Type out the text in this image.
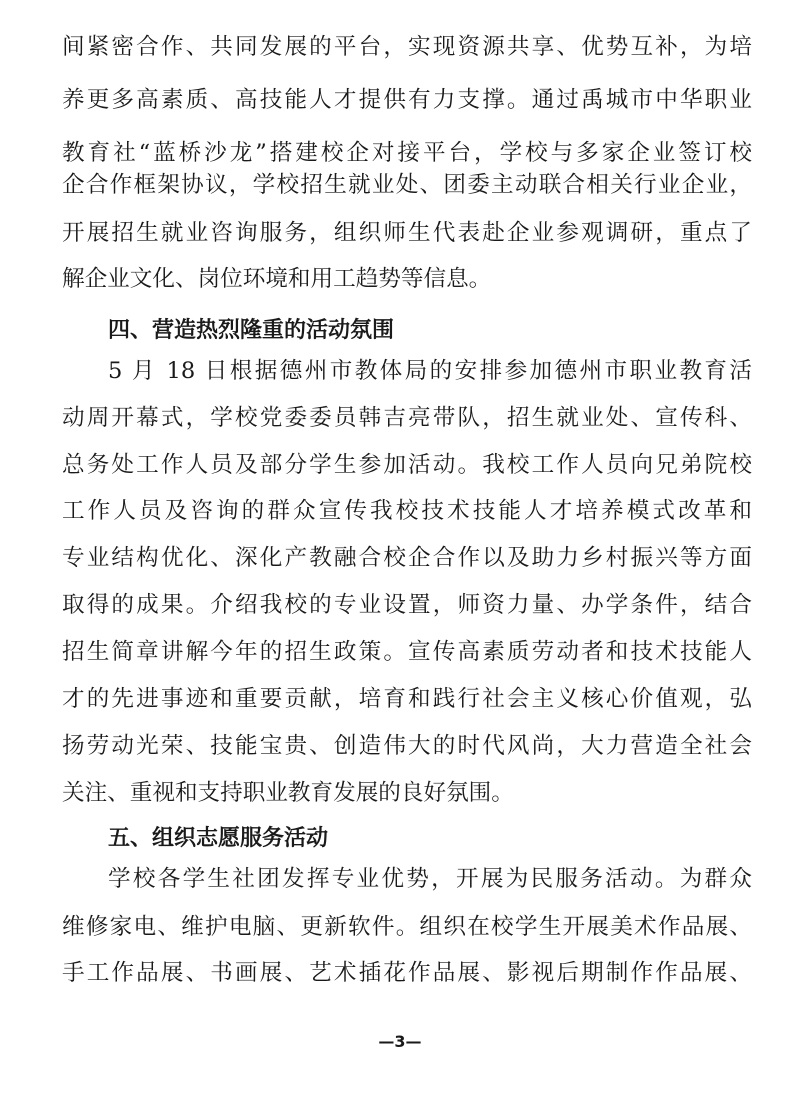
间紧密合作、共同发展的平台，实现资源共享、优势互补，为培
养更多高素质、高技能人才提供有力支撑。通过禹城市中华职业
教育社“蓝桥沙龙”搭建校企对接平台，学校与多家企业签订校
企合作框架协议，学校招生就业处、团委主动联合相关行业企业，
开展招生就业咨询服务，组织师生代表赴企业参观调研，重点了
解企业文化、岗位环境和用工趋势等信息。
四、营造热烈隆重的活动氛围
5 月 18 日根据德州市教体局的安排参加德州市职业教育活
动周开幕式，学校党委委员韩吉亮带队，招生就业处、宣传科、
总务处工作人员及部分学生参加活动。我校工作人员向兄弟院校
工作人员及咨询的群众宣传我校技术技能人才培养模式改革和
专业结构优化、深化产教融合校企合作以及助力乡村振兴等方面
取得的成果。介绍我校的专业设置，师资力量、办学条件，结合
招生简章讲解今年的招生政策。宣传高素质劳动者和技术技能人
才的先进事迹和重要贡献，培育和践行社会主义核心价值观，弘
扬劳动光荣、技能宝贵、创造伟大的时代风尚，大力营造全社会
关注、重视和支持职业教育发展的良好氛围。
五、组织志愿服务活动
学校各学生社团发挥专业优势，开展为民服务活动。为群众
维修家电、维护电脑、更新软件。组织在校学生开展美术作品展、
手工作品展、书画展、艺术插花作品展、影视后期制作作品展、
—3—
